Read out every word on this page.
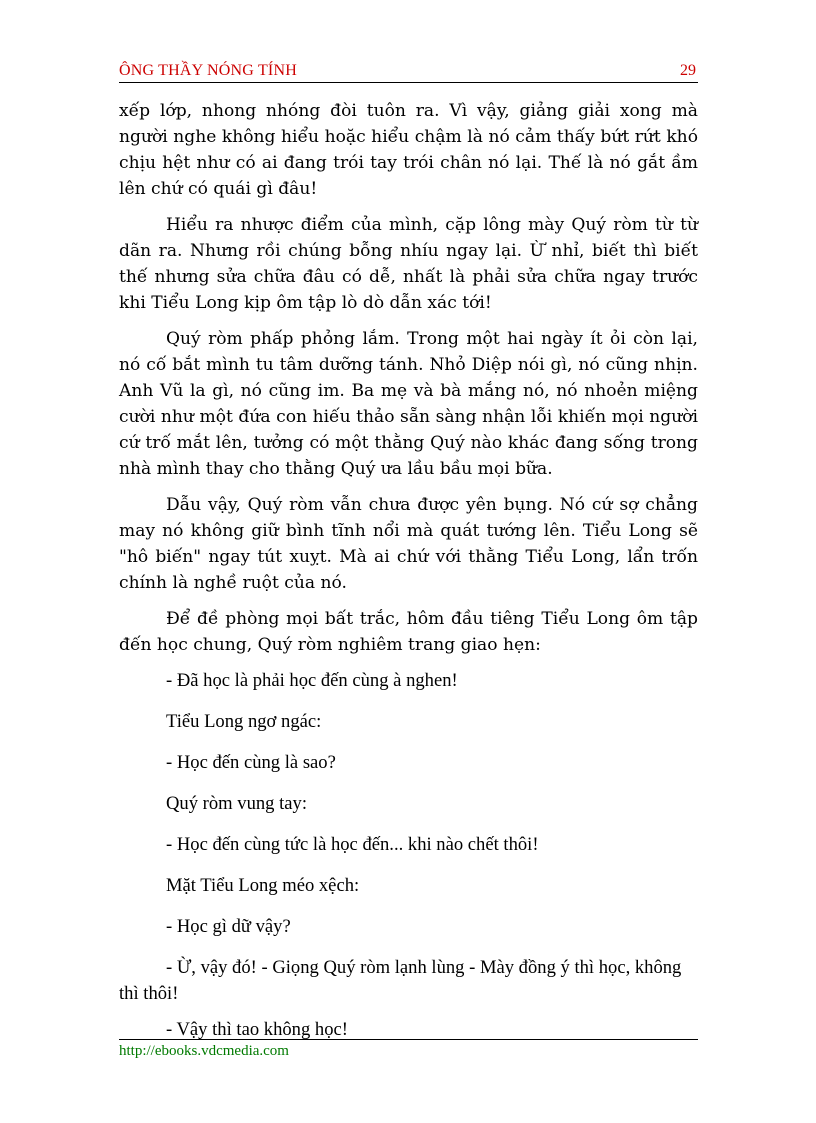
ÔNG THẦY NÓNG TÍNH	29

xếp lớp, nhong nhóng đòi tuôn ra. Vì vậy, giảng giải xong mà người nghe không hiểu hoặc hiểu chậm là nó cảm thấy bứt rứt khó chịu hệt như có ai đang trói tay trói chân nó lại. Thế là nó gắt ầm lên chứ có quái gì đâu!

Hiểu ra nhược điểm của mình, cặp lông mày Quý ròm từ từ dãn ra. Nhưng rồi chúng bỗng nhíu ngay lại. Ừ nhỉ, biết thì biết thế nhưng sửa chữa đâu có dễ, nhất là phải sửa chữa ngay trước khi Tiểu Long kịp ôm tập lò dò dẫn xác tới!

Quý ròm phấp phỏng lắm. Trong một hai ngày ít ỏi còn lại, nó cố bắt mình tu tâm dưỡng tánh. Nhỏ Diệp nói gì, nó cũng nhịn. Anh Vũ la gì, nó cũng im. Ba mẹ và bà mắng nó, nó nhoẻn miệng cười như một đứa con hiếu thảo sẵn sàng nhận lỗi khiến mọi người cứ trố mắt lên, tưởng có một thằng Quý nào khác đang sống trong nhà mình thay cho thằng Quý ưa lầu bầu mọi bữa.

Dẫu vậy, Quý ròm vẫn chưa được yên bụng. Nó cứ sợ chẳng may nó không giữ bình tĩnh nổi mà quát tướng lên. Tiểu Long sẽ "hô biến" ngay tút xuỵt. Mà ai chứ với thằng Tiểu Long, lẩn trốn chính là nghề ruột của nó.

Để đề phòng mọi bất trắc, hôm đầu tiêng Tiểu Long ôm tập đến học chung, Quý ròm nghiêm trang giao hẹn:

- Đã học là phải học đến cùng à nghen!

Tiểu Long ngơ ngác:

- Học đến cùng là sao?

Quý ròm vung tay:

- Học đến cùng tức là học đến... khi nào chết thôi!

Mặt Tiểu Long méo xệch:

- Học gì dữ vậy?

- Ừ, vậy đó! - Giọng Quý ròm lạnh lùng - Mày đồng ý thì học, không thì thôi!

- Vậy thì tao không học!

http://ebooks.vdcmedia.com
